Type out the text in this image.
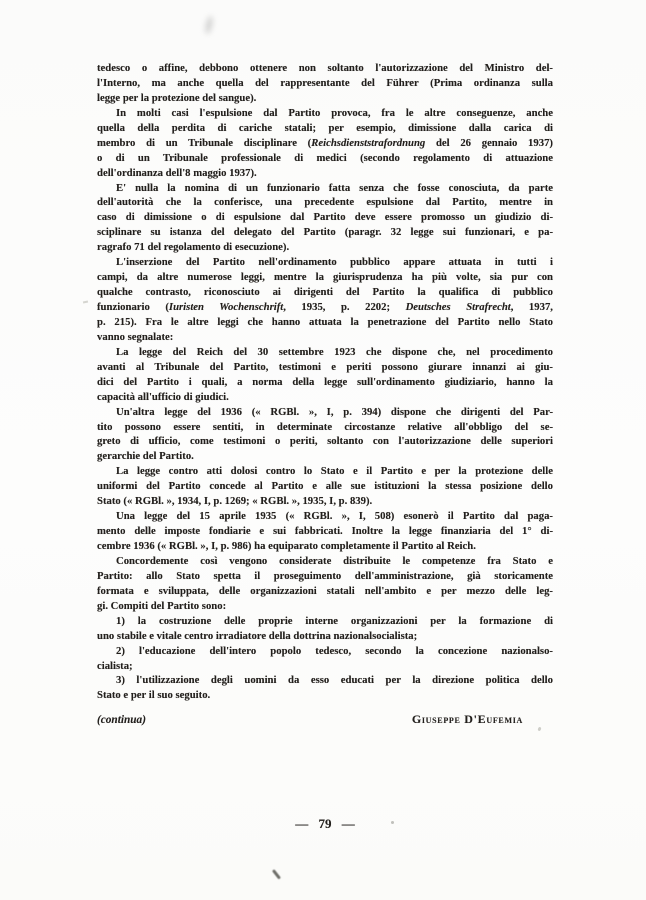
tedesco o affine, debbono ottenere non soltanto l'autorizzazione del Ministro del-
l'Interno, ma anche quella del rappresentante del Führer (Prima ordinanza sulla
legge per la protezione del sangue).
In molti casi l'espulsione dal Partito provoca, fra le altre conseguenze, anche
quella della perdita di cariche statali; per esempio, dimissione dalla carica di
membro di un Tribunale disciplinare (Reichsdienststrafordnung del 26 gennaio 1937)
o di un Tribunale professionale di medici (secondo regolamento di attuazione
dell'ordinanza dell'8 maggio 1937).
E' nulla la nomina di un funzionario fatta senza che fosse conosciuta, da parte
dell'autorità che la conferisce, una precedente espulsione dal Partito, mentre in
caso di dimissione o di espulsione dal Partito deve essere promosso un giudizio di-
sciplinare su istanza del delegato del Partito (paragr. 32 legge sui funzionari, e pa-
ragrafo 71 del regolamento di esecuzione).
L'inserzione del Partito nell'ordinamento pubblico appare attuata in tutti i
campi, da altre numerose leggi, mentre la giurisprudenza ha più volte, sia pur con
qualche contrasto, riconosciuto ai dirigenti del Partito la qualifica di pubblico
funzionario (Iuristen Wochenschrift, 1935, p. 2202; Deutsches Strafrecht, 1937,
p. 215). Fra le altre leggi che hanno attuata la penetrazione del Partito nello Stato
vanno segnalate:
La legge del Reich del 30 settembre 1923 che dispone che, nel procedimento
avanti al Tribunale del Partito, testimoni e periti possono giurare innanzi ai giu-
dici del Partito i quali, a norma della legge sull'ordinamento giudiziario, hanno la
capacità all'ufficio di giudici.
Un'altra legge del 1936 (« RGBl. », I, p. 394) dispone che dirigenti del Par-
tito possono essere sentiti, in determinate circostanze relative all'obbligo del se-
greto di ufficio, come testimoni o periti, soltanto con l'autorizzazione delle superiori
gerarchie del Partito.
La legge contro atti dolosi contro lo Stato e il Partito e per la protezione delle
uniformi del Partito concede al Partito e alle sue istituzioni la stessa posizione dello
Stato (« RGBl. », 1934, I, p. 1269; « RGBl. », 1935, I, p. 839).
Una legge del 15 aprile 1935 (« RGBl. », I, 508) esonerò il Partito dal paga-
mento delle imposte fondiarie e sui fabbricati. Inoltre la legge finanziaria del 1° di-
cembre 1936 (« RGBl. », I, p. 986) ha equiparato completamente il Partito al Reich.
Concordemente così vengono considerate distribuite le competenze fra Stato e
Partito: allo Stato spetta il proseguimento dell'amministrazione, già storicamente
formata e sviluppata, delle organizzazioni statali nell'ambito e per mezzo delle leg-
gi. Compiti del Partito sono:
1) la costruzione delle proprie interne organizzazioni per la formazione di
uno stabile e vitale centro irradiatore della dottrina nazionalsocialista;
2) l'educazione dell'intero popolo tedesco, secondo la concezione nazionalso-
cialista;
3) l'utilizzazione degli uomini da esso educati per la direzione politica dello
Stato e per il suo seguito.
(continua)	Giuseppe D'Eufemia
— 79 —
